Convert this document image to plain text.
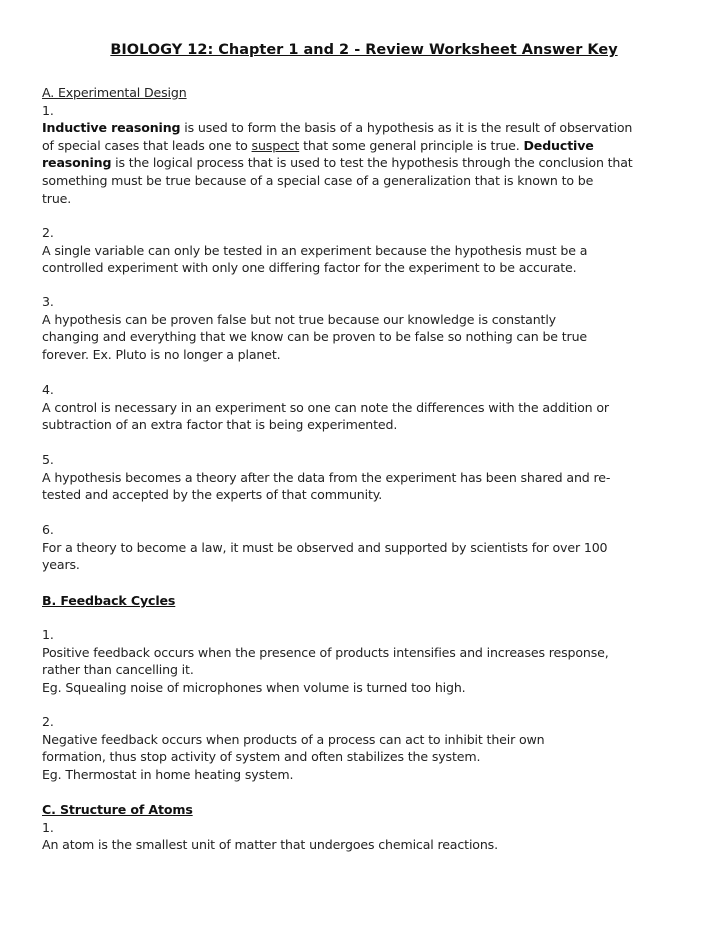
BIOLOGY 12: Chapter 1 and 2 - Review Worksheet Answer Key
A. Experimental Design
1.
Inductive reasoning is used to form the basis of a hypothesis as it is the result of observation
of special cases that leads one to suspect that some general principle is true. Deductive
reasoning is the logical process that is used to test the hypothesis through the conclusion that
something must be true because of a special case of a generalization that is known to be
true.
2.
A single variable can only be tested in an experiment because the hypothesis must be a
controlled experiment with only one differing factor for the experiment to be accurate.
3.
A hypothesis can be proven false but not true because our knowledge is constantly
changing and everything that we know can be proven to be false so nothing can be true
forever. Ex. Pluto is no longer a planet.
4.
A control is necessary in an experiment so one can note the differences with the addition or
subtraction of an extra factor that is being experimented.
5.
A hypothesis becomes a theory after the data from the experiment has been shared and re-
tested and accepted by the experts of that community.
6.
For a theory to become a law, it must be observed and supported by scientists for over 100
years.
B. Feedback Cycles
1.
Positive feedback occurs when the presence of products intensifies and increases response,
rather than cancelling it.
Eg. Squealing noise of microphones when volume is turned too high.
2.
Negative feedback occurs when products of a process can act to inhibit their own
formation, thus stop activity of system and often stabilizes the system.
Eg. Thermostat in home heating system.
C. Structure of Atoms
1.
An atom is the smallest unit of matter that undergoes chemical reactions.
